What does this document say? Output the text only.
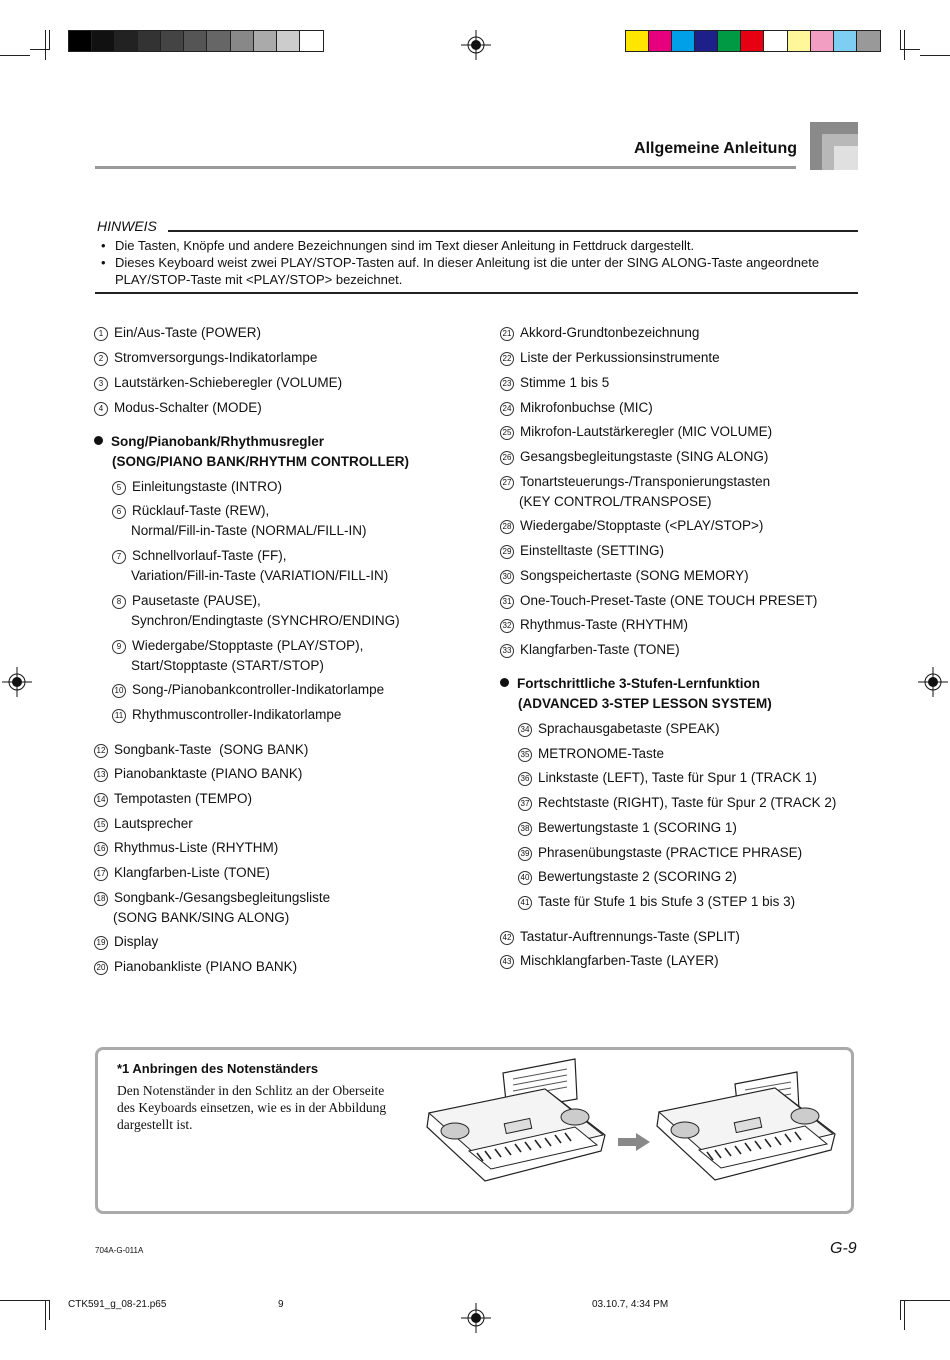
Allgemeine Anleitung
HINWEIS
• Die Tasten, Knöpfe und andere Bezeichnungen sind im Text dieser Anleitung in Fettdruck dargestellt.
• Dieses Keyboard weist zwei PLAY/STOP-Tasten auf. In dieser Anleitung ist die unter der SING ALONG-Taste angeordnete PLAY/STOP-Taste mit <PLAY/STOP> bezeichnet.
1 Ein/Aus-Taste (POWER)
2 Stromversorgungs-Indikatorlampe
3 Lautstärken-Schieberegler (VOLUME)
4 Modus-Schalter (MODE)
Song/Pianobank/Rhythmusregler
(SONG/PIANO BANK/RHYTHM CONTROLLER)
5 Einleitungstaste (INTRO)
6 Rücklauf-Taste (REW),
Normal/Fill-in-Taste (NORMAL/FILL-IN)
7 Schnellvorlauf-Taste (FF),
Variation/Fill-in-Taste (VARIATION/FILL-IN)
8 Pausetaste (PAUSE),
Synchron/Endingtaste (SYNCHRO/ENDING)
9 Wiedergabe/Stopptaste (PLAY/STOP),
Start/Stopptaste (START/STOP)
10 Song-/Pianobankcontroller-Indikatorlampe
11 Rhythmuscontroller-Indikatorlampe
12 Songbank-Taste  (SONG BANK)
13 Pianobanktaste (PIANO BANK)
14 Tempotasten (TEMPO)
15 Lautsprecher
16 Rhythmus-Liste (RHYTHM)
17 Klangfarben-Liste (TONE)
18 Songbank-/Gesangsbegleitungsliste
(SONG BANK/SING ALONG)
19 Display
20 Pianobankliste (PIANO BANK)
21 Akkord-Grundtonbezeichnung
22 Liste der Perkussionsinstrumente
23 Stimme 1 bis 5
24 Mikrofonbuchse (MIC)
25 Mikrofon-Lautstärkeregler (MIC VOLUME)
26 Gesangsbegleitungstaste (SING ALONG)
27 Tonartsteuerungs-/Transponierungstasten
(KEY CONTROL/TRANSPOSE)
28 Wiedergabe/Stopptaste (<PLAY/STOP>)
29 Einstelltaste (SETTING)
30 Songspeichertaste (SONG MEMORY)
31 One-Touch-Preset-Taste (ONE TOUCH PRESET)
32 Rhythmus-Taste (RHYTHM)
33 Klangfarben-Taste (TONE)
Fortschrittliche 3-Stufen-Lernfunktion
(ADVANCED 3-STEP LESSON SYSTEM)
34 Sprachausgabetaste (SPEAK)
35 METRONOME-Taste
36 Linkstaste (LEFT), Taste für Spur 1 (TRACK 1)
37 Rechtstaste (RIGHT), Taste für Spur 2 (TRACK 2)
38 Bewertungstaste 1 (SCORING 1)
39 Phrasenübungstaste (PRACTICE PHRASE)
40 Bewertungstaste 2 (SCORING 2)
41 Taste für Stufe 1 bis Stufe 3 (STEP 1 bis 3)
42 Tastatur-Auftrennungs-Taste (SPLIT)
43 Mischklangfarben-Taste (LAYER)
*1 Anbringen des Notenständers
Den Notenständer in den Schlitz an der Oberseite des Keyboards einsetzen, wie es in der Abbildung dargestellt ist.
704A-G-011A	G-9
CTK591_g_08-21.p65	9	03.10.7, 4:34 PM
